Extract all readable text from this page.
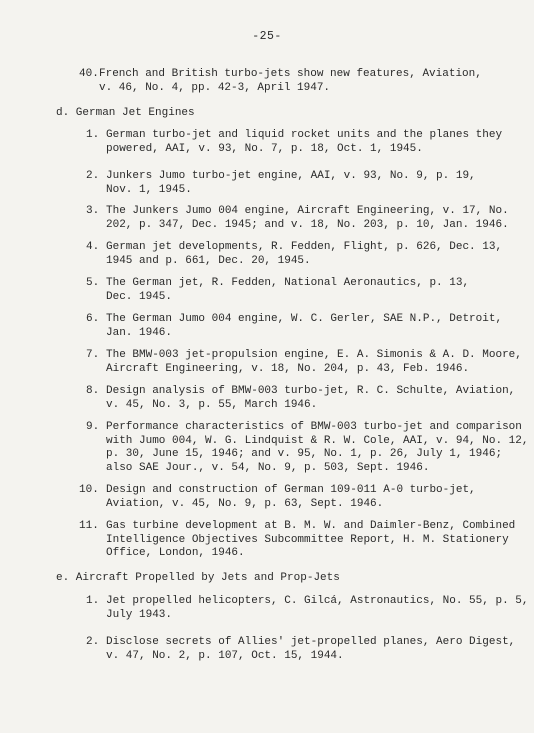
-25-

40.

French and British turbo-jets show new features, Aviation,

v. 46, No. 4, pp. 42-3, April 1947.

d. German Jet Engines

1.

German turbo-jet and liquid rocket units and the planes they

powered, AAI, v. 93, No. 7, p. 18, Oct. 1, 1945.

2.

Junkers Jumo turbo-jet engine, AAI, v. 93, No. 9, p. 19,

Nov. 1, 1945.

3.

The Junkers Jumo 004 engine, Aircraft Engineering, v. 17, No.

202, p. 347, Dec. 1945; and v. 18, No. 203, p. 10, Jan. 1946.

4.

German jet developments, R. Fedden, Flight, p. 626, Dec. 13,

1945 and p. 661, Dec. 20, 1945.

5.

The German jet, R. Fedden, National Aeronautics, p. 13,

Dec. 1945.

6.

The German Jumo 004 engine, W. C. Gerler, SAE N.P., Detroit,

Jan. 1946.

7.

The BMW-003 jet-propulsion engine, E. A. Simonis & A. D. Moore,

Aircraft Engineering, v. 18, No. 204, p. 43, Feb. 1946.

8.

Design analysis of BMW-003 turbo-jet, R. C. Schulte, Aviation,

v. 45, No. 3, p. 55, March 1946.

9.

Performance characteristics of BMW-003 turbo-jet and comparison

with Jumo 004, W. G. Lindquist & R. W. Cole, AAI, v. 94, No. 12,

p. 30, June 15, 1946; and v. 95, No. 1, p. 26, July 1, 1946;

also SAE Jour., v. 54, No. 9, p. 503, Sept. 1946.

10.

Design and construction of German 109-011 A-0 turbo-jet,

Aviation, v. 45, No. 9, p. 63, Sept. 1946.

11.

Gas turbine development at B. M. W. and Daimler-Benz, Combined

Intelligence Objectives Subcommittee Report, H. M. Stationery

Office, London, 1946.

e. Aircraft Propelled by Jets and Prop-Jets

1.

Jet propelled helicopters, C. Gilcá, Astronautics, No. 55, p. 5,

July 1943.

2.

Disclose secrets of Allies' jet-propelled planes, Aero Digest,

v. 47, No. 2, p. 107, Oct. 15, 1944.
